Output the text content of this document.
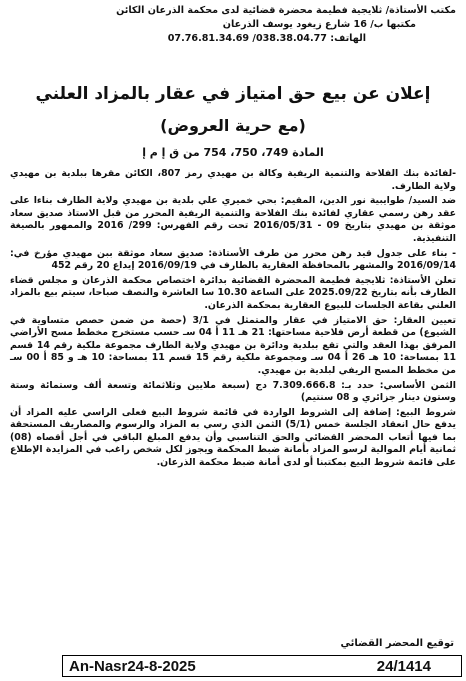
مكتب الأستاذة/ ثلايجية فطيمة محضرة قضائية لدى محكمة الذرعان الكائن
مكتبها ب/ 16 شارع زيغود يوسف الذرعان
الهاتف: 038.38.04.77/ 07.76.81.34.69
إعلان عن بيع حق امتياز في عقار بالمزاد العلني
(مع حرية العروض)
المادة 749، 750، 754 من ق إ م إ

-لفائدة بنك الفلاحة والتنمية الريفية وكالة بن مهيدي رمز 807، الكائن مقرها ببلدية بن مهيدي ولاية الطارف.

ضد السيد/ طوايبية نور الدين، المقيم: بحي خميري علي بلدية بن مهيدي ولاية الطارف بناءا على عقد رهن رسمي عقاري لفائدة بنك الفلاحة والتنمية الريفية المحرر من قبل الاستاذ صديق سعاد موثقة بن مهيدي بتاريخ 09 - 2016/05/31 تحت رقم الفهرس: 299/ 2016 والممهور بالصيغة التنفيذية.

- بناء على جدول قيد رهن محرر من طرف الأستاذة: صديق سعاد موثقة ببن مهيدي مؤرخ في: 2016/09/14 والمشهر بالمحافظة العقارية بالطارف في 2016/09/19 إيداع 20 رقم 452

تعلن الأستاذة: ثلايجية فطيمة المحضرة القضائية بدائرة اختصاص محكمة الذرعان و مجلس قضاء الطارف بأنه بتاريخ 2025.09/22 على الساعة 10.30 سا العاشرة والنصف صباحا، سيتم بيع بالمزاد العلني بقاعة الجلسات للبيوع العقارية بمحكمة الذرعان.

تعيين العقار: حق الامتياز في عقار والمتمثل في 3/1 (حصة من ضمن حصص متساوية في الشيوع) من قطعة أرض فلاحية مساحتها: 21 هـ 11 أ 04 سـ حسب مستخرج مخطط مسح الأراضي المرفق بهذا العقد والتي تقع ببلدية ودائرة بن مهيدي ولاية الطارف مجموعة ملكية رقم 14 قسم 11 بمساحة: 10 هـ 26 أ 04 سـ ومجموعة ملكية رقم 15 قسم 11 بمساحة: 10 هـ و 85 أ 00 سـ من مخطط المسح الريفي لبلدية بن مهيدي.

الثمن الأساسي: حدد بـ: 7.309.666.8 دج (سبعة ملايين وثلاثمائة وتسعة ألف وستمائة وستة وستون دينار جزائري و 08 سنتيم)

شروط البيع: إضافة إلى الشروط الواردة في قائمة شروط البيع فعلى الراسي عليه المزاد أن يدفع حال انعقاد الجلسة خمس (5/1) الثمن الذي رسي به المزاد والرسوم والمصاريف المستحقة بما فيها أتعاب المحضر القضائي والحق التناسبي وأن يدفع المبلغ الباقي في أجل أقصاه (08) ثمانية أيام الموالية لرسو المزاد بأمانة ضبط المحكمة ويجوز لكل شخص راغب في المزايدة الإطلاع على قائمة شروط البيع بمكتبنا أو لدى أمانة ضبط محكمة الذرعان.

توقيع المحضر القضائي
An-Nasr24-8-2025	24/1414
